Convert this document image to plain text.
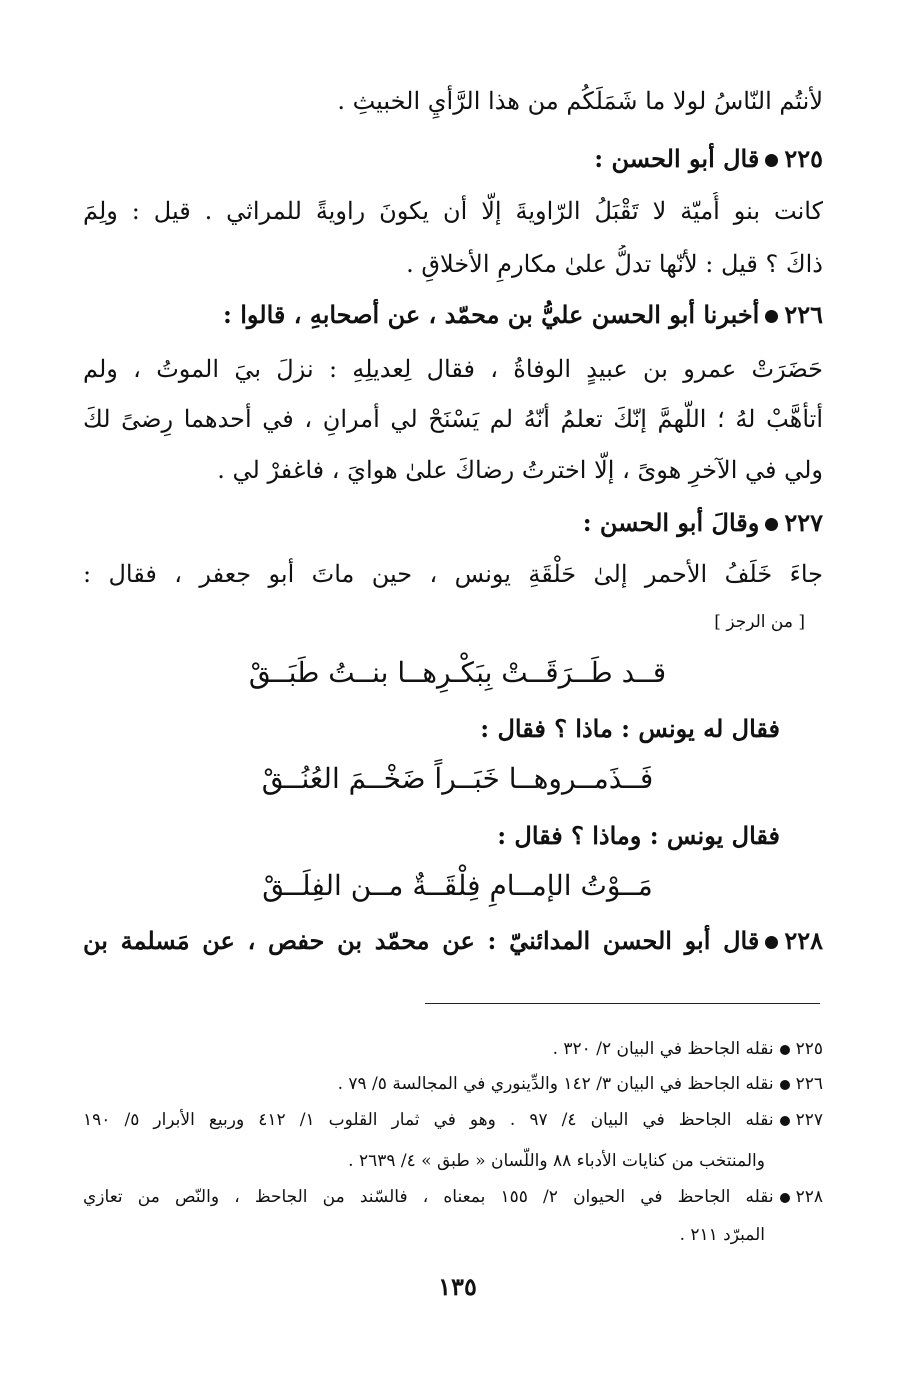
لأنتُم النّاسُ لولا ما شَمَلَكُم من هذا الرَّأيِ الخبيثِ .
٢٢٥قال أبو الحسن :
كانت بنو أُميّة لا تَقْبَلُ الرّاويةَ إلّا أن يكونَ راويةً للمراثي . قيل : ولِمَ
ذاكَ ؟ قيل : لأنّها تدلُّ علىٰ مكارمِ الأخلاقِ .
٢٢٦أخبرنا أبو الحسن عليُّ بن محمّد ، عن أصحابهِ ، قالوا :
حَضَرَتْ عمرو بن عبيدٍ الوفاةُ ، فقال لِعديلِهِ : نزلَ بيَ الموتُ ، ولم
أتأهَّبْ لهُ ؛ اللَّهمَّ إنّكَ تعلمُ أنّهُ لم يَسْنَحْ لي أمرانِ ، في أحدهما رِضىً لكَ
ولي في الآخرِ هوىً ، إلّا اخترتُ رضاكَ علىٰ هوايَ ، فاغفرْ لي .
٢٢٧وقالَ أبو الحسن :
جاءَ خَلَفُ الأحمر إلىٰ حَلْقَةِ يونس ، حين ماتَ أبو جعفر ، فقال :
[ من الرجز ]
قــد طَــرَقَــتْ بِبَكْـرِهــا بنــتُ طَبَــقْ
فقال له يونس : ماذا ؟ فقال :
فَــذَمــروهــا خَبَــراً ضَخْــمَ العُنُــقْ
فقال يونس : وماذا ؟ فقال :
مَــوْتُ الإمــامِ فِلْقَــةٌ مــن الفِلَــقْ
٢٢٨قال أبو الحسن المدائنيّ : عن محمّد بن حفص ، عن مَسلمة بن
٢٢٥نقله الجاحظ في البيان ٢/ ٣٢٠ .
٢٢٦نقله الجاحظ في البيان ٣/ ١٤٢ والدِّينوري في المجالسة ٥/ ٧٩ .
٢٢٧نقله الجاحظ في البيان ٤/ ٩٧ . وهو في ثمار القلوب ١/ ٤١٢ وربيع الأبرار ٥/ ١٩٠
والمنتخب من كنايات الأدباء ٨٨ واللّسان « طبق » ٤/ ٢٦٣٩ .
٢٢٨نقله الجاحظ في الحيوان ٢/ ١٥٥ بمعناه ، فالسّند من الجاحظ ، والنّص من تعازي
المبرّد ٢١١ .
١٣٥
